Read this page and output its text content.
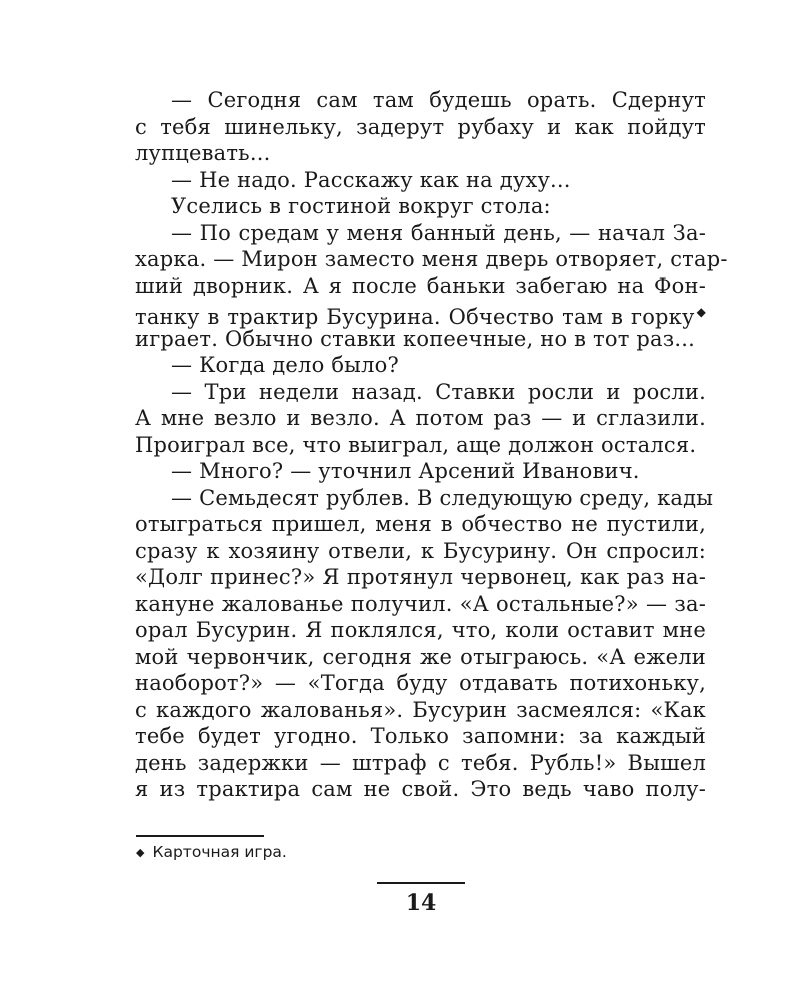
— Сегодня сам там будешь орать. Сдернут
с тебя шинельку, задерут рубаху и как пойдут
лупцевать...
— Не надо. Расскажу как на духу...
Уселись в гостиной вокруг стола:
— По средам у меня банный день, — начал За-
харка. — Мирон заместо меня дверь отворяет, стар-
ший дворник. А я после баньки забегаю на Фон-
танку в трактир Бусурина. Обчество там в горку◆
играет. Обычно ставки копеечные, но в тот раз...
— Когда дело было?
— Три недели назад. Ставки росли и росли.
А мне везло и везло. А потом раз — и сглазили.
Проиграл все, что выиграл, аще должон остался.
— Много? — уточнил Арсений Иванович.
— Семьдесят рублев. В следующую среду, кады
отыграться пришел, меня в обчество не пустили,
сразу к хозяину отвели, к Бусурину. Он спросил:
«Долг принес?» Я протянул червонец, как раз на-
кануне жалованье получил. «А остальные?» — за-
орал Бусурин. Я поклялся, что, коли оставит мне
мой червончик, сегодня же отыграюсь. «А ежели
наоборот?» — «Тогда буду отдавать потихоньку,
с каждого жалованья». Бусурин засмеялся: «Как
тебе будет угодно. Только запомни: за каждый
день задержки — штраф с тебя. Рубль!» Вышел
я из трактира сам не свой. Это ведь чаво полу-
◆ Карточная игра.
14
